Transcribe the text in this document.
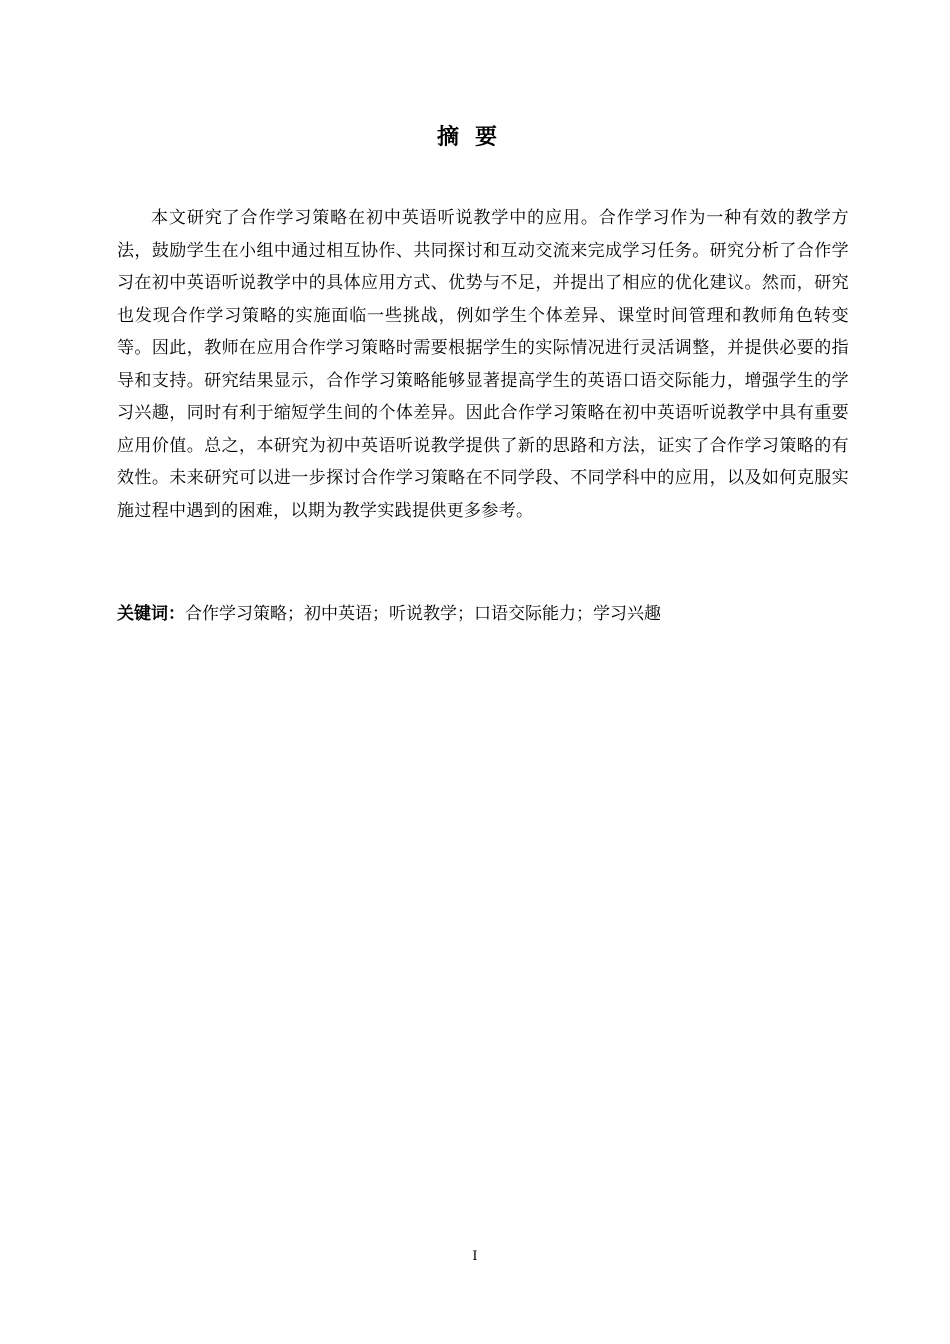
摘要

本文研究了合作学习策略在初中英语听说教学中的应用。合作学习作为一种有效的教学方法，鼓励学生在小组中通过相互协作、共同探讨和互动交流来完成学习任务。研究分析了合作学习在初中英语听说教学中的具体应用方式、优势与不足，并提出了相应的优化建议。然而，研究也发现合作学习策略的实施面临一些挑战，例如学生个体差异、课堂时间管理和教师角色转变等。因此，教师在应用合作学习策略时需要根据学生的实际情况进行灵活调整，并提供必要的指导和支持。研究结果显示，合作学习策略能够显著提高学生的英语口语交际能力，增强学生的学习兴趣，同时有利于缩短学生间的个体差异。因此合作学习策略在初中英语听说教学中具有重要应用价值。总之，本研究为初中英语听说教学提供了新的思路和方法，证实了合作学习策略的有效性。未来研究可以进一步探讨合作学习策略在不同学段、不同学科中的应用，以及如何克服实施过程中遇到的困难，以期为教学实践提供更多参考。

关键词：合作学习策略；初中英语；听说教学；口语交际能力；学习兴趣

I
